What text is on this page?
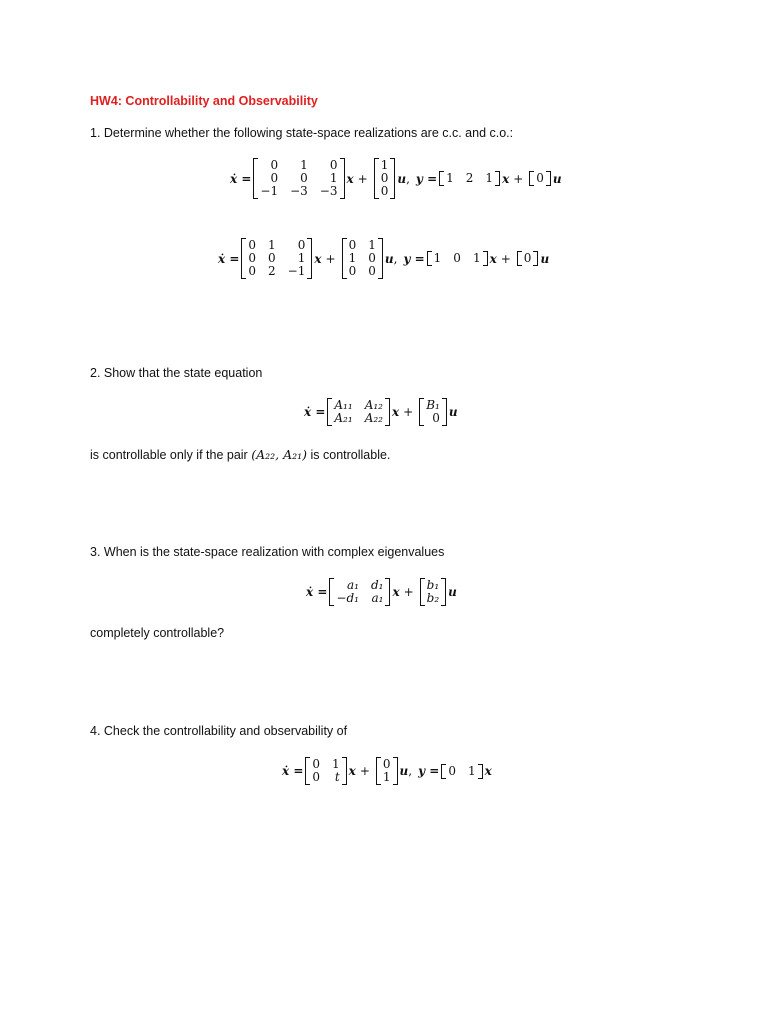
HW4: Controllability and Observability
1. Determine whether the following state-space realizations are c.c. and c.o.:
ẋ =
0	1	0
0	0	1
−1 −3 −3
x +
1
0
0
u , y = 1 2 1 x + 0 u
ẋ =
0 1	0
0 0	1
0 2 −1
x +
0 1
1 0
0 0
u , y = 1 0 1 x + 0 u
2. Show that the state equation
ẋ = A₁₁ A₁₂
A₂₁ A₂₂ x + B₁
0 u
is controllable only if the pair (A₂₂, A₂₁) is controllable.
3. When is the state-space realization with complex eigenvalues
ẋ =	a₁ d₁
−d₁ a₁ x + b₁
b₂ u
completely controllable?
4. Check the controllability and observability of
ẋ = 0 1
0 t x + 0
1 u , y = 0 1 x
